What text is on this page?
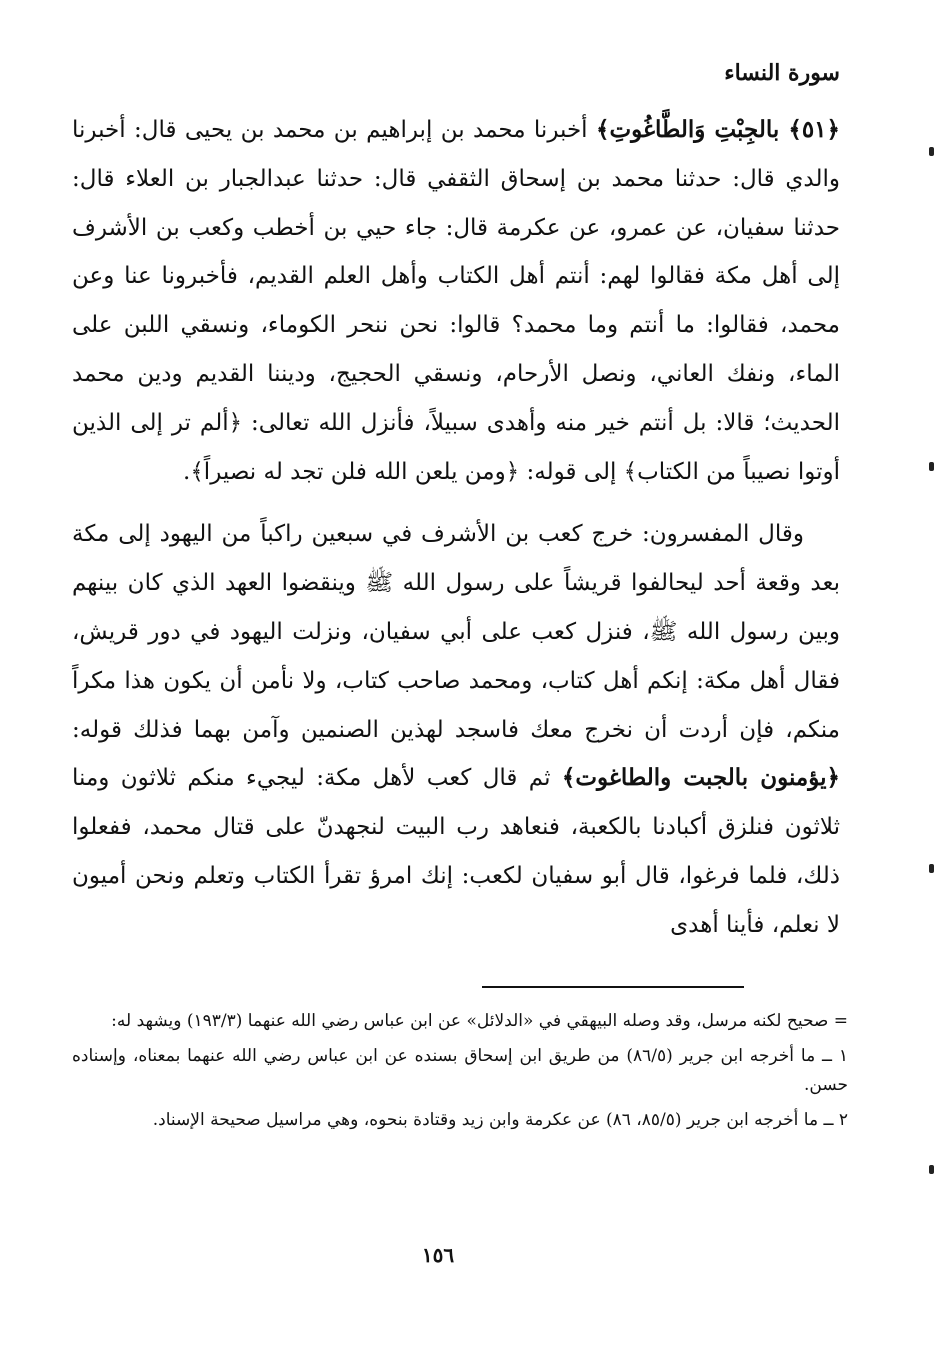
سورة النساء

﴿٥١﴾ بالجِبْتِ وَالطَّاغُوتِ﴾ أخبرنا محمد بن إبراهيم بن محمد بن يحيى قال: أخبرنا والدي قال: حدثنا محمد بن إسحاق الثقفي قال: حدثنا عبدالجبار بن العلاء قال: حدثنا سفيان، عن عمرو، عن عكرمة قال: جاء حيي بن أخطب وكعب بن الأشرف إلى أهل مكة فقالوا لهم: أنتم أهل الكتاب وأهل العلم القديم، فأخبرونا عنا وعن محمد، فقالوا: ما أنتم وما محمد؟ قالوا: نحن ننحر الكوماء، ونسقي اللبن على الماء، ونفك العاني، ونصل الأرحام، ونسقي الحجيج، وديننا القديم ودين محمد الحديث؛ قالا: بل أنتم خير منه وأهدى سبيلاً، فأنزل الله تعالى: ﴿ألم تر إلى الذين أوتوا نصيباً من الكتاب﴾ إلى قوله: ﴿ومن يلعن الله فلن تجد له نصيراً﴾.

وقال المفسرون: خرج كعب بن الأشرف في سبعين راكباً من اليهود إلى مكة بعد وقعة أحد ليحالفوا قريشاً على رسول الله ﷺ وينقضوا العهد الذي كان بينهم وبين رسول الله ﷺ، فنزل كعب على أبي سفيان، ونزلت اليهود في دور قريش، فقال أهل مكة: إنكم أهل كتاب، ومحمد صاحب كتاب، ولا نأمن أن يكون هذا مكراً منكم، فإن أردت أن نخرج معك فاسجد لهذين الصنمين وآمن بهما فذلك قوله: ﴿يؤمنون بالجبت والطاغوت﴾ ثم قال كعب لأهل مكة: ليجيء منكم ثلاثون ومنا ثلاثون فنلزق أكبادنا بالكعبة، فنعاهد رب البيت لنجهدنّ على قتال محمد، ففعلوا ذلك، فلما فرغوا، قال أبو سفيان لكعب: إنك امرؤ تقرأ الكتاب وتعلم ونحن أميون لا نعلم، فأينا أهدى

= صحيح لكنه مرسل، وقد وصله البيهقي في «الدلائل» عن ابن عباس رضي الله عنهما (١٩٣/٣) ويشهد له:

١ ــ ما أخرجه ابن جرير (٨٦/٥) من طريق ابن إسحاق بسنده عن ابن عباس رضي الله عنهما بمعناه، وإسناده حسن.

٢ ــ ما أخرجه ابن جرير (٨٥/٥، ٨٦) عن عكرمة وابن زيد وقتادة بنحوه، وهي مراسيل صحيحة الإسناد.

١٥٦
